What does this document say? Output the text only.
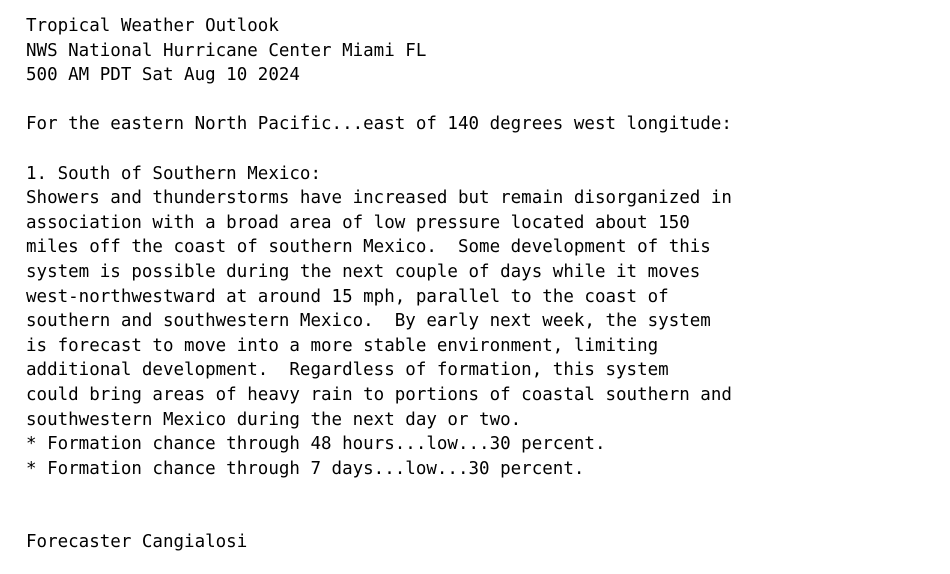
Tropical Weather Outlook
NWS National Hurricane Center Miami FL
500 AM PDT Sat Aug 10 2024
For the eastern North Pacific...east of 140 degrees west longitude:
1. South of Southern Mexico:
Showers and thunderstorms have increased but remain disorganized in
association with a broad area of low pressure located about 150
miles off the coast of southern Mexico.  Some development of this
system is possible during the next couple of days while it moves
west-northwestward at around 15 mph, parallel to the coast of
southern and southwestern Mexico.  By early next week, the system
is forecast to move into a more stable environment, limiting
additional development.  Regardless of formation, this system
could bring areas of heavy rain to portions of coastal southern and
southwestern Mexico during the next day or two.
* Formation chance through 48 hours...low...30 percent.
* Formation chance through 7 days...low...30 percent.
Forecaster Cangialosi
